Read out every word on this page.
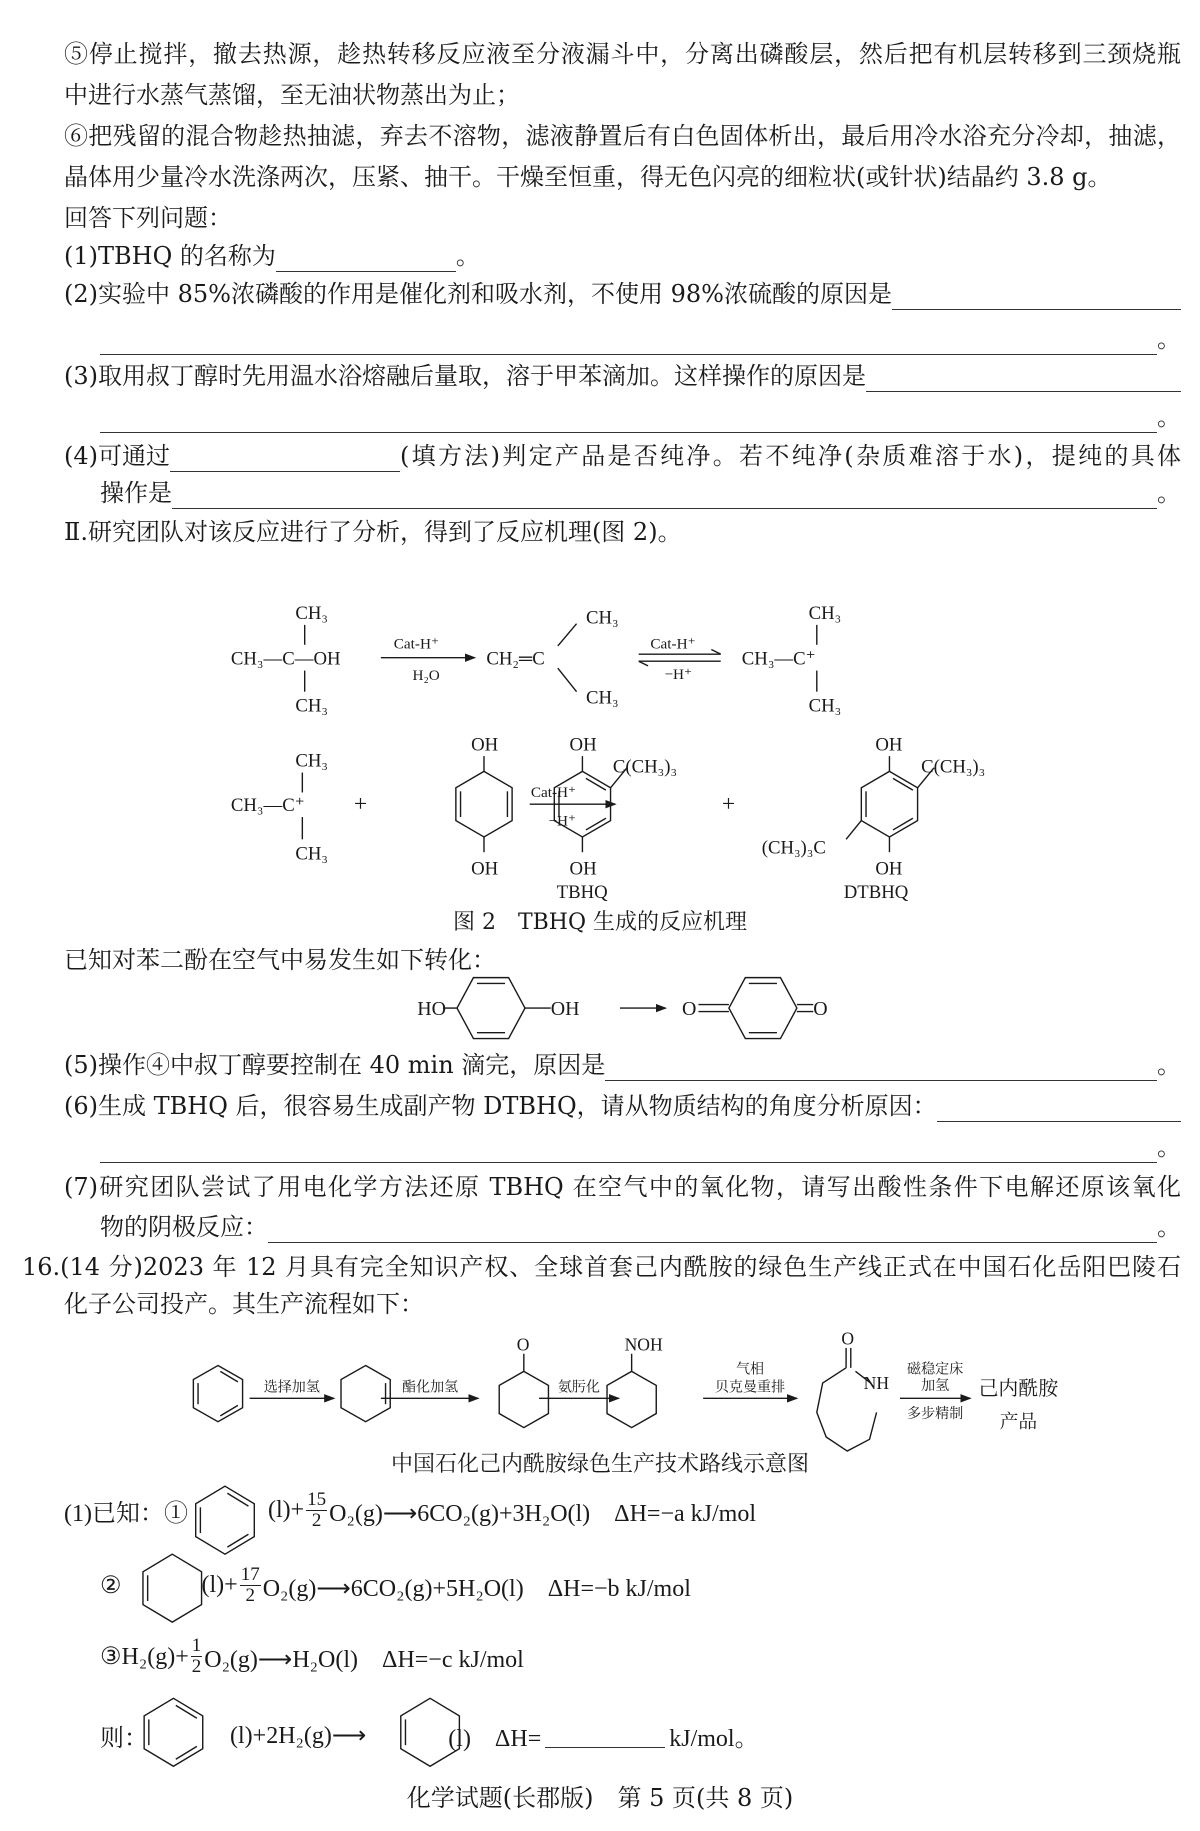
⑤停止搅拌，撤去热源，趁热转移反应液至分液漏斗中，分离出磷酸层，然后把有机层转移到三颈烧瓶
中进行水蒸气蒸馏，至无油状物蒸出为止；
⑥把残留的混合物趁热抽滤，弃去不溶物，滤液静置后有白色固体析出，最后用冷水浴充分冷却，抽滤，
晶体用少量冷水洗涤两次，压紧、抽干。干燥至恒重，得无色闪亮的细粒状(或针状)结晶约 3.8 g。
回答下列问题：
(1)TBHQ 的名称为	。
(2)实验中 85%浓磷酸的作用是催化剂和吸水剂，不使用 98%浓硫酸的原因是
。
(3)取用叔丁醇时先用温水浴熔融后量取，溶于甲苯滴加。这样操作的原因是
。
(4)可通过	(填方法)判定产品是否纯净。若不纯净(杂质难溶于水)，提纯的具体
操作是	。
Ⅱ.研究团队对该反应进行了分析，得到了反应机理(图 2)。
图 2　TBHQ 生成的反应机理
已知对苯二酚在空气中易发生如下转化：
(5)操作④中叔丁醇要控制在 40 min 滴完，原因是	。
(6)生成 TBHQ 后，很容易生成副产物 DTBHQ，请从物质结构的角度分析原因：
。
(7)研究团队尝试了用电化学方法还原 TBHQ 在空气中的氧化物，请写出酸性条件下电解还原该氧化
物的阴极反应：	。
16.(14 分)2023 年 12 月具有完全知识产权、全球首套己内酰胺的绿色生产线正式在中国石化岳阳巴陵石
化子公司投产。其生产流程如下：
中国石化己内酰胺绿色生产技术路线示意图
(1)已知：①	$(l)+ \frac{15}{2}$ O₂(g)⟶6CO₂(g)+3H₂O(l)　ΔH=−a kJ/mol
②	$(l)+ \frac{17}{2}$ O₂(g)⟶6CO₂(g)+5H₂O(l)　ΔH=−b kJ/mol
③H₂(g)+ $\frac{1}{2}$ O₂(g)⟶H₂O(l)　ΔH=−c kJ/mol
则：	(l)+2H₂(g)⟶	(l)　ΔH=	kJ/mol。
化学试题(长郡版)　第 5 页(共 8 页)
CH₃
CH₃—C—OH
CH₃
Cat-H⁺
H₂O
CH₂═C
CH₃
CH₃
Cat-H⁺
−H⁺
CH₃—C⁺
CH₃
CH₃
CH₃
CH₃—C⁺
CH₃
+
OH
OH
Cat-H⁺
−H⁺
OH
OH
C(CH₃)₃
TBHQ
+
OH
OH
C(CH₃)₃
(CH₃)₃C
DTBHQ
HO	OH	O	O
O	NOH	O
NH
选择加氢	酯化加氢	氨肟化
气相
贝克曼重排
磁稳定床
加氢
多步精制
己内酰胺
产品
